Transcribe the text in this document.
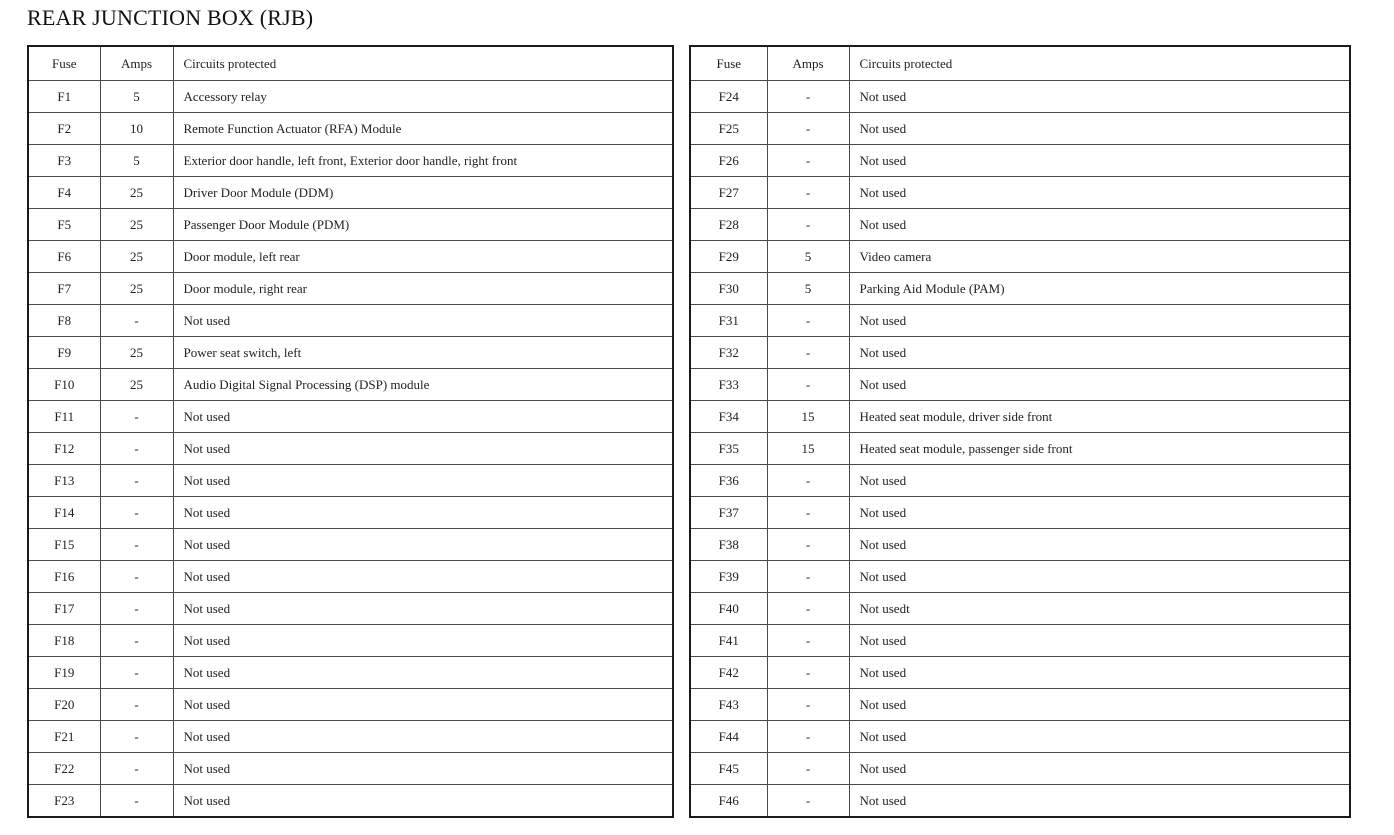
REAR JUNCTION BOX (RJB)
Fuse	Amps	Circuits protected
F1	5	Accessory relay
F2	10	Remote Function Actuator (RFA) Module
F3	5	Exterior door handle, left front, Exterior door handle, right front
F4	25	Driver Door Module (DDM)
F5	25	Passenger Door Module (PDM)
F6	25	Door module, left rear
F7	25	Door module, right rear
F8	-	Not used
F9	25	Power seat switch, left
F10	25	Audio Digital Signal Processing (DSP) module
F11	-	Not used
F12	-	Not used
F13	-	Not used
F14	-	Not used
F15	-	Not used
F16	-	Not used
F17	-	Not used
F18	-	Not used
F19	-	Not used
F20	-	Not used
F21	-	Not used
F22	-	Not used
F23	-	Not used
Fuse	Amps	Circuits protected
F24	-	Not used
F25	-	Not used
F26	-	Not used
F27	-	Not used
F28	-	Not used
F29	5	Video camera
F30	5	Parking Aid Module (PAM)
F31	-	Not used
F32	-	Not used
F33	-	Not used
F34	15	Heated seat module, driver side front
F35	15	Heated seat module, passenger side front
F36	-	Not used
F37	-	Not used
F38	-	Not used
F39	-	Not used
F40	-	Not usedt
F41	-	Not used
F42	-	Not used
F43	-	Not used
F44	-	Not used
F45	-	Not used
F46	-	Not used
